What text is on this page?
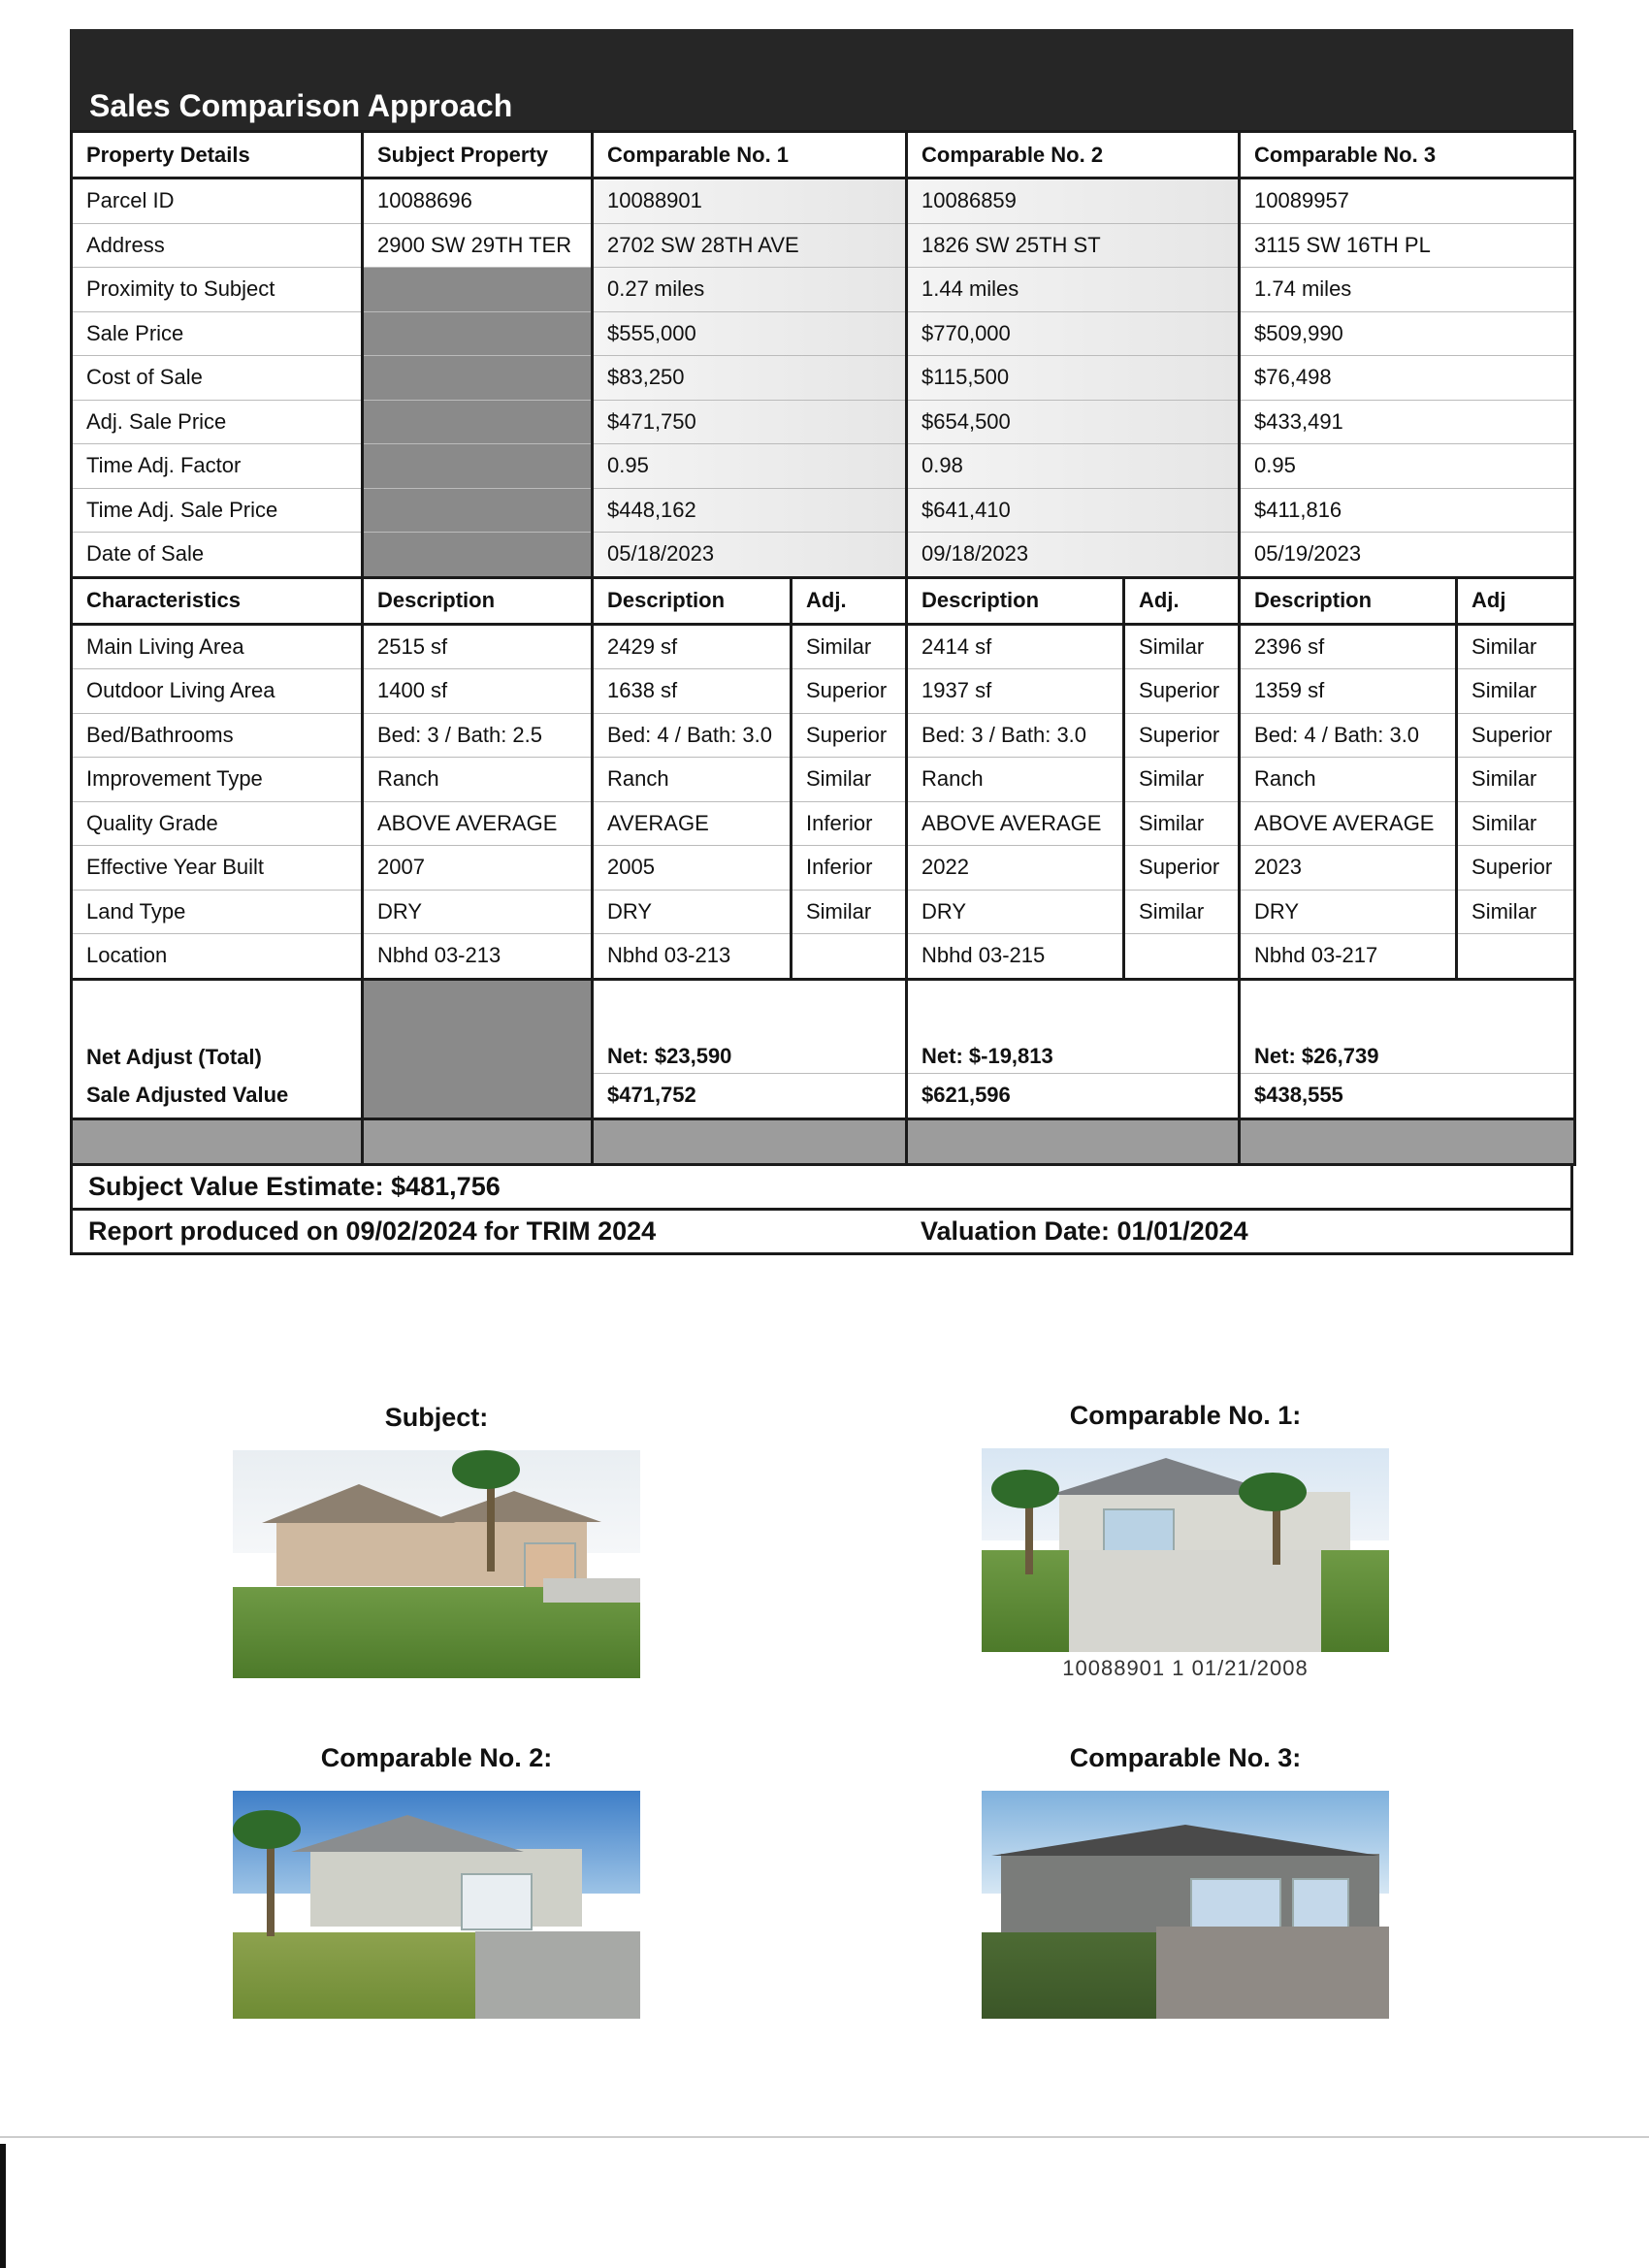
Sales Comparison Approach
Property Details	Subject Property	Comparable No. 1		Comparable No. 2		Comparable No. 3	
Parcel ID	10088696	10088901		10086859		10089957	
Address	2900 SW 29TH TER	2702 SW 28TH AVE		1826 SW 25TH ST		3115 SW 16TH PL	
Proximity to Subject		0.27 miles		1.44 miles		1.74 miles	
Sale Price		$555,000		$770,000		$509,990	
Cost of Sale		$83,250		$115,500		$76,498	
Adj. Sale Price		$471,750		$654,500		$433,491	
Time Adj. Factor		0.95		0.98		0.95	
Time Adj. Sale Price		$448,162		$641,410		$411,816	
Date of Sale		05/18/2023		09/18/2023		05/19/2023	
Characteristics	Description	Description	Adj.	Description	Adj.	Description	Adj
Main Living Area	2515 sf	2429 sf	Similar	2414 sf	Similar	2396 sf	Similar
Outdoor Living Area	1400 sf	1638 sf	Superior	1937 sf	Superior	1359 sf	Similar
Bed/Bathrooms	Bed: 3 / Bath: 2.5	Bed: 4 / Bath: 3.0	Superior	Bed: 3 / Bath: 3.0	Superior	Bed: 4 / Bath: 3.0	Superior
Improvement Type	Ranch	Ranch	Similar	Ranch	Similar	Ranch	Similar
Quality Grade	ABOVE AVERAGE	AVERAGE	Inferior	ABOVE AVERAGE	Similar	ABOVE AVERAGE	Similar
Effective Year Built	2007	2005	Inferior	2022	Superior	2023	Superior
Land Type	DRY	DRY	Similar	DRY	Similar	DRY	Similar
Location	Nbhd 03-213	Nbhd 03-213		Nbhd 03-215		Nbhd 03-217	
Net Adjust (Total)		Net: $23,590		Net: $-19,813		Net: $26,739	
Sale Adjusted Value		$471,752		$621,596		$438,555	

Subject Value Estimate: $481,756
Report produced on 09/02/2024 for TRIM 2024	Valuation Date: 01/01/2024
Subject:	Comparable No. 1:
10088901 1 01/21/2008
Comparable No. 2:	Comparable No. 3:
